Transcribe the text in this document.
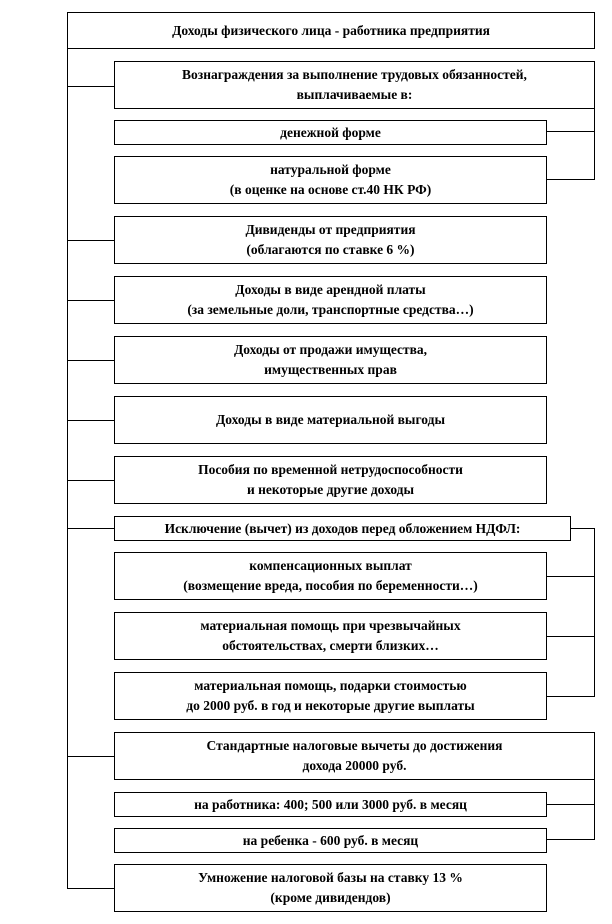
Доходы физического лица - работника предприятия
Вознаграждения за выполнение трудовых обязанностей,
выплачиваемые в:
денежной форме
натуральной форме
(в оценке на основе ст.40 НК РФ)
Дивиденды от предприятия
(облагаются по ставке 6 %)
Доходы в виде арендной платы
(за земельные доли, транспортные средства…)
Доходы от продажи имущества,
имущественных прав
Доходы в виде материальной выгоды
Пособия по временной нетрудоспособности
и некоторые другие доходы
Исключение (вычет) из доходов перед обложением НДФЛ:
компенсационных выплат
(возмещение вреда, пособия по беременности…)
материальная помощь при чрезвычайных
обстоятельствах, смерти близких…
материальная помощь, подарки стоимостью
до 2000 руб. в год и некоторые другие выплаты
Стандартные налоговые вычеты до достижения
дохода 20000 руб.
на работника: 400; 500 или 3000 руб. в месяц
на ребенка - 600 руб. в месяц
Умножение налоговой базы на ставку 13 %
(кроме дивидендов)
